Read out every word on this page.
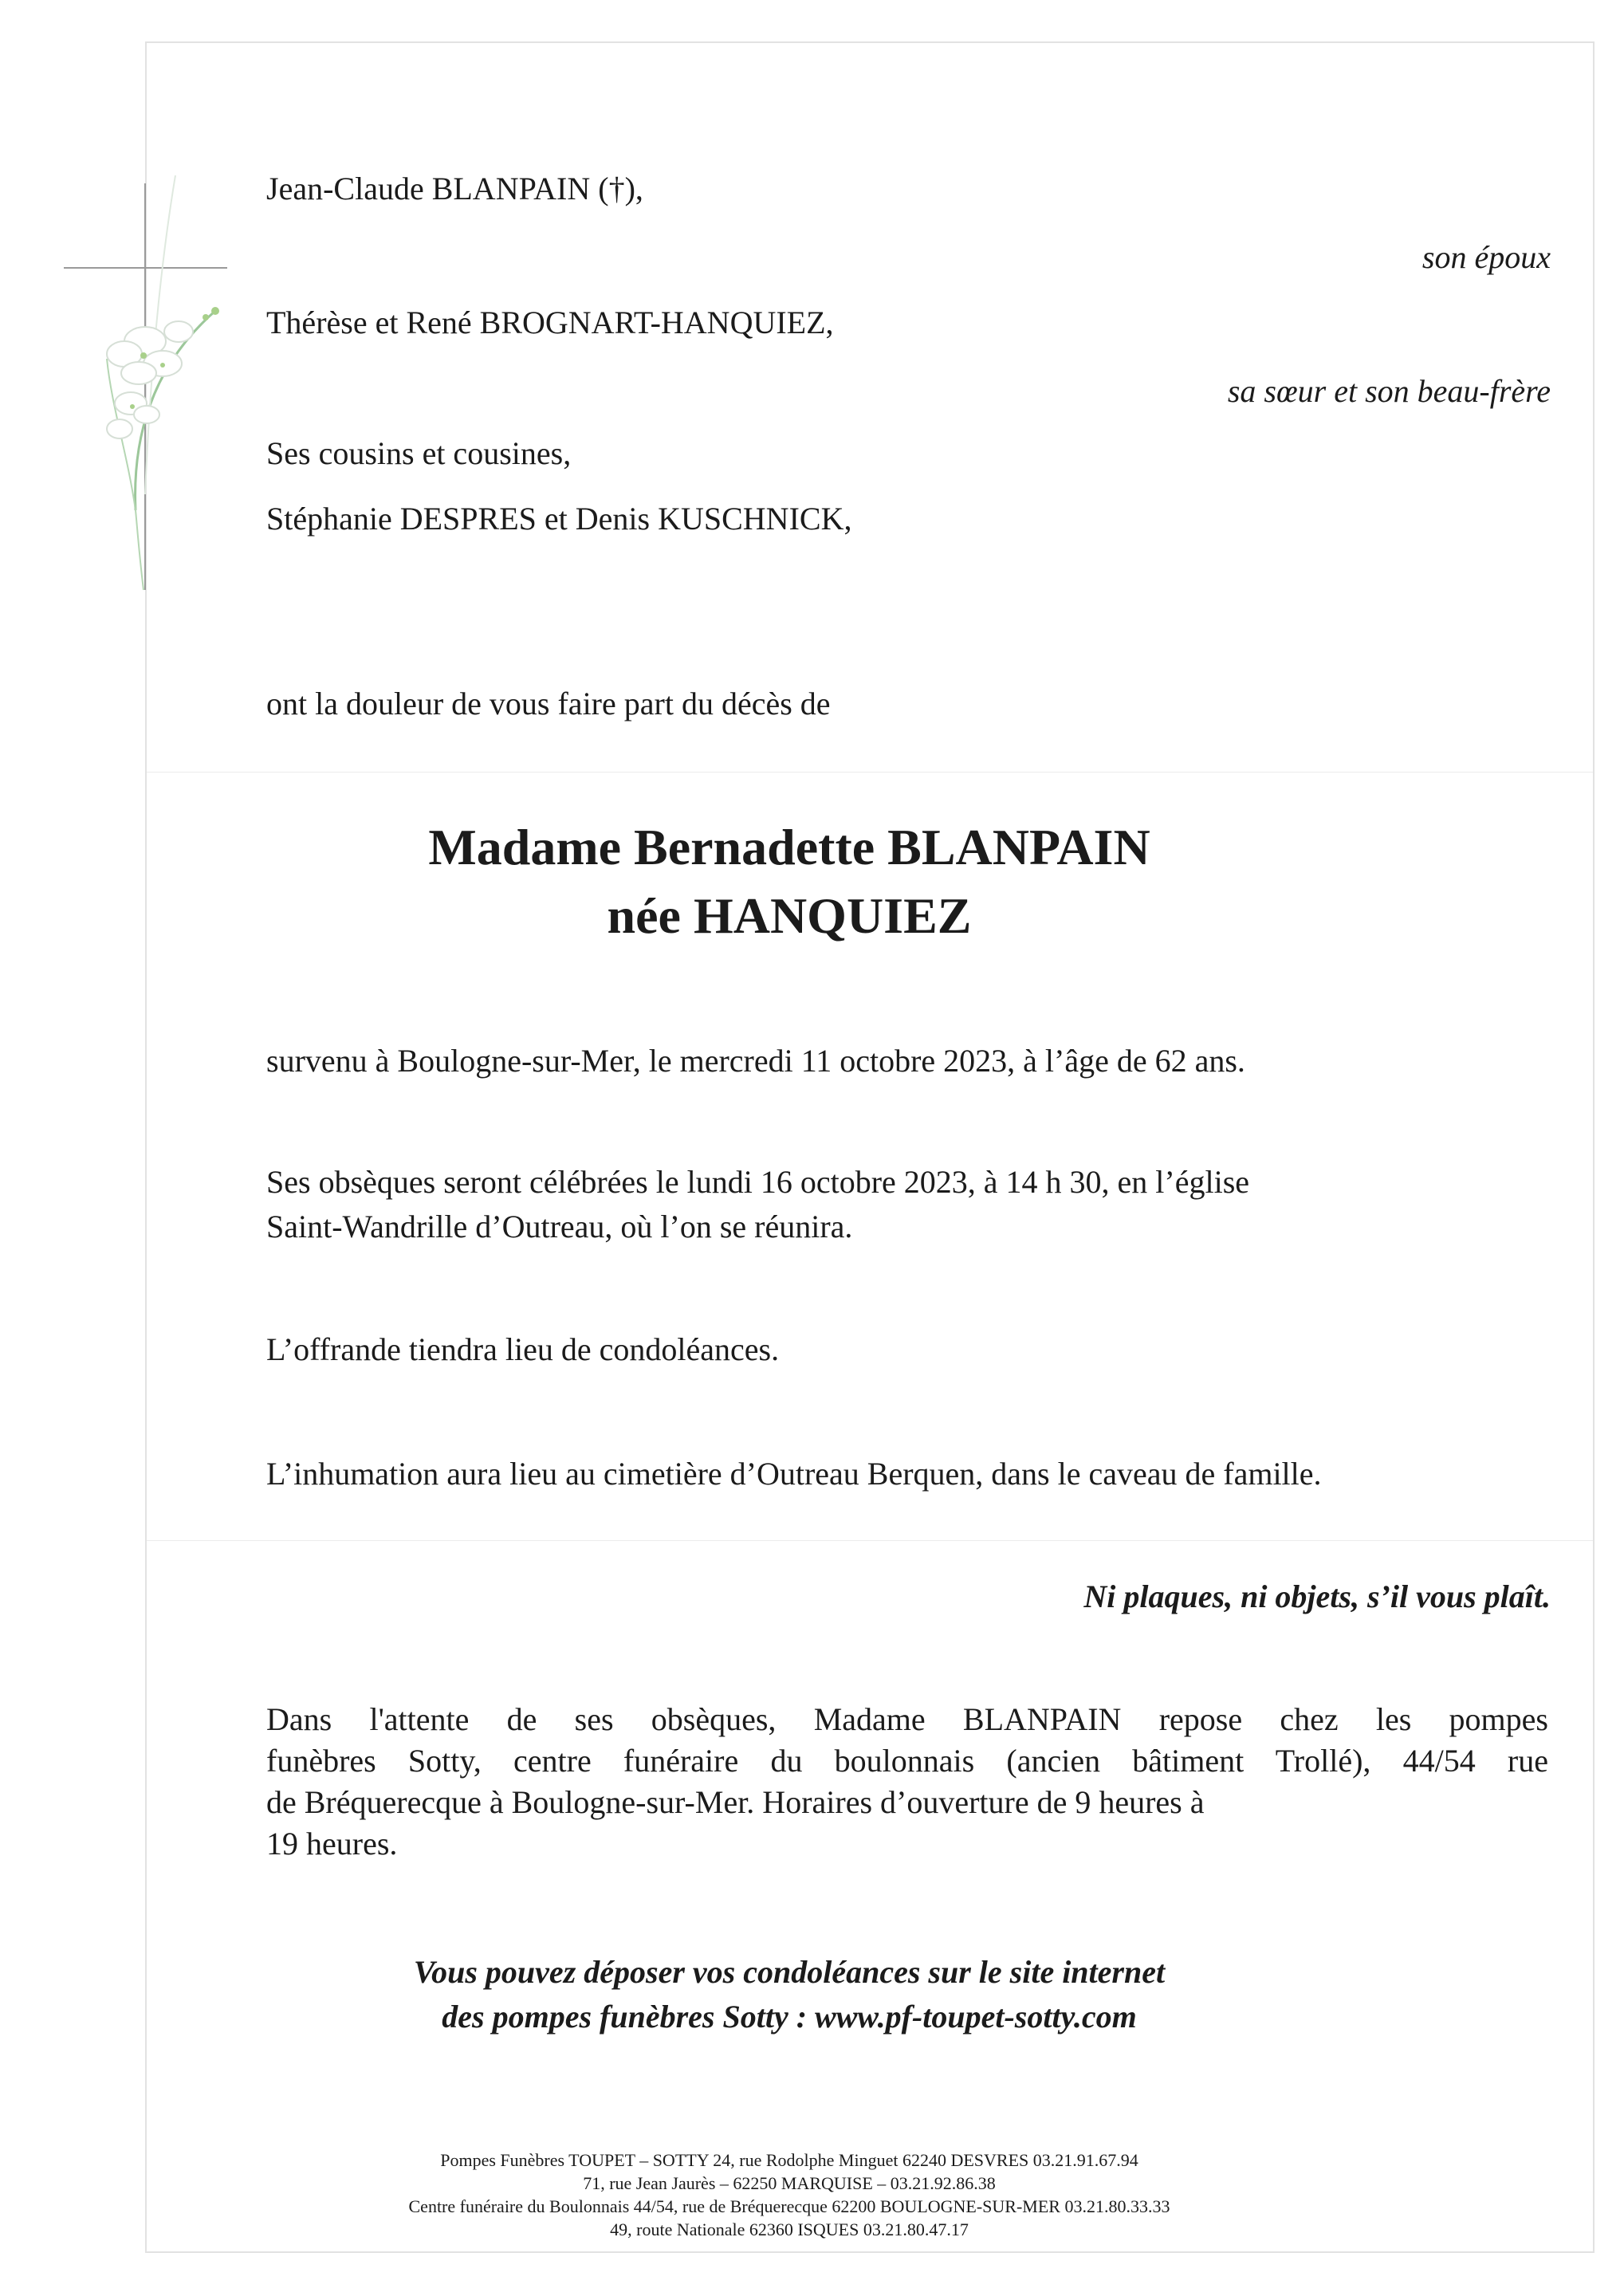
Jean-Claude BLANPAIN (†),
son époux
Thérèse et René BROGNART-HANQUIEZ,
sa sœur et son beau-frère
Ses cousins et cousines,
Stéphanie DESPRES et Denis KUSCHNICK,
ont la douleur de vous faire part du décès de
Madame Bernadette BLANPAIN
née HANQUIEZ
survenu à Boulogne-sur-Mer, le mercredi 11 octobre 2023, à l’âge de 62 ans.
Ses obsèques seront célébrées le lundi 16 octobre 2023, à 14 h 30, en l’église
Saint-Wandrille d’Outreau, où l’on se réunira.
L’offrande tiendra lieu de condoléances.
L’inhumation aura lieu au cimetière d’Outreau Berquen, dans le caveau de famille.
Ni plaques, ni objets, s’il vous plaît.
Dans l'attente de ses obsèques, Madame BLANPAIN repose chez les pompes
funèbres Sotty, centre funéraire du boulonnais (ancien bâtiment Trollé), 44/54 rue
de Bréquerecque à Boulogne-sur-Mer. Horaires d’ouverture de 9 heures à
19 heures.
Vous pouvez déposer vos condoléances sur le site internet
des pompes funèbres Sotty : www.pf-toupet-sotty.com
Pompes Funèbres TOUPET – SOTTY 24, rue Rodolphe Minguet 62240 DESVRES 03.21.91.67.94
71, rue Jean Jaurès – 62250 MARQUISE – 03.21.92.86.38
Centre funéraire du Boulonnais 44/54, rue de Bréquerecque 62200 BOULOGNE-SUR-MER 03.21.80.33.33
49, route Nationale 62360 ISQUES 03.21.80.47.17
